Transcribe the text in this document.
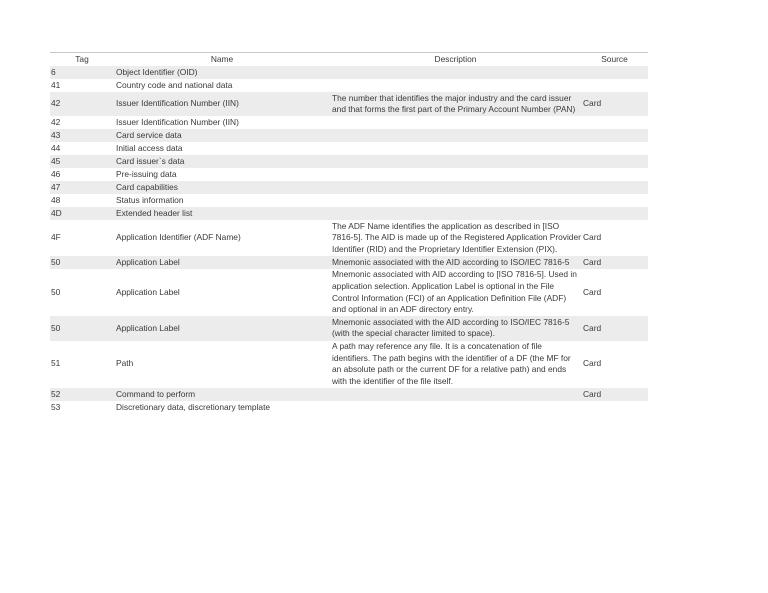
Tag	Name	Description	Source
6	Object Identifier (OID)		
41	Country code and national data		
42	Issuer Identification Number (IIN)	The number that identifies the major industry and the card issuer and that forms the first part of the Primary Account Number (PAN)	Card
42	Issuer Identification Number (IIN)		
43	Card service data		
44	Initial access data		
45	Card issuer`s data		
46	Pre-issuing data		
47	Card capabilities		
48	Status information		
4D	Extended header list		
4F	Application Identifier (ADF Name)	The ADF Name identifies the application as described in [ISO 7816-5]. The AID is made up of the Registered Application Provider Identifier (RID) and the Proprietary Identifier Extension (PIX).	Card
50	Application Label	Mnemonic associated with the AID according to ISO/IEC 7816-5	Card
50	Application Label	Mnemonic associated with AID according to [ISO 7816-5]. Used in application selection. Application Label is optional in the File Control Information (FCI) of an Application Definition File (ADF) and optional in an ADF directory entry.	Card
50	Application Label	Mnemonic associated with the AID according to ISO/IEC 7816-5 (with the special character limited to space).	Card
51	Path	A path may reference any file. It is a concatenation of file identifiers. The path begins with the identifier of a DF (the MF for an absolute path or the current DF for a relative path) and ends with the identifier of the file itself.	Card
52	Command to perform		Card
53	Discretionary data, discretionary template		
